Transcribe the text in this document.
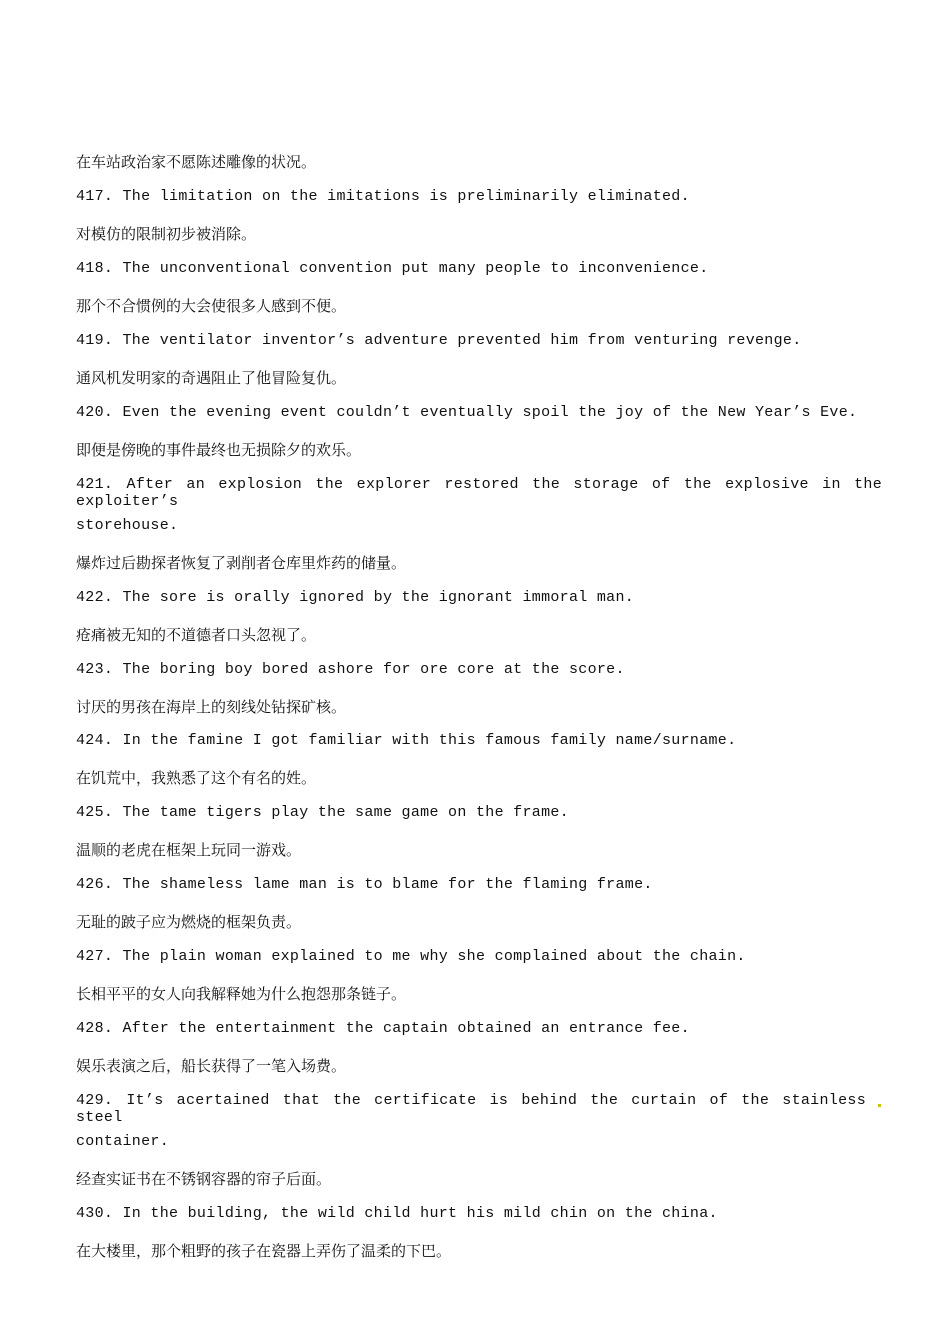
在车站政治家不愿陈述雕像的状况。
417. The limitation on the imitations is preliminarily eliminated.
对模仿的限制初步被消除。
418. The unconventional convention put many people to inconvenience.
那个不合惯例的大会使很多人感到不便。
419. The ventilator inventor’s adventure prevented him from venturing revenge.
通风机发明家的奇遇阻止了他冒险复仇。
420. Even the evening event couldn’t eventually spoil the joy of the New Year’s Eve.
即便是傍晚的事件最终也无损除夕的欢乐。
421. After an explosion the explorer restored the storage of the explosive in the exploiter’s
storehouse.
爆炸过后勘探者恢复了剥削者仓库里炸药的储量。
422. The sore is orally ignored by the ignorant immoral man.
疮痛被无知的不道德者口头忽视了。
423. The boring boy bored ashore for ore core at the score.
讨厌的男孩在海岸上的刻线处钻探矿核。
424. In the famine I got familiar with this famous family name/surname.
在饥荒中，我熟悉了这个有名的姓。
425. The tame tigers play the same game on the frame.
温顺的老虎在框架上玩同一游戏。
426. The shameless lame man is to blame for the flaming frame.
无耻的跛子应为燃烧的框架负责。
427. The plain woman explained to me why she complained about the chain.
长相平平的女人向我解释她为什么抱怨那条链子。
428. After the entertainment the captain obtained an entrance fee.
娱乐表演之后，船长获得了一笔入场费。
429. It’s acertained that the certificate is behind the curtain of the stainless steel
container.
经查实证书在不锈钢容器的帘子后面。
430. In the building, the wild child hurt his mild chin on the china.
在大楼里，那个粗野的孩子在瓷器上弄伤了温柔的下巴。
